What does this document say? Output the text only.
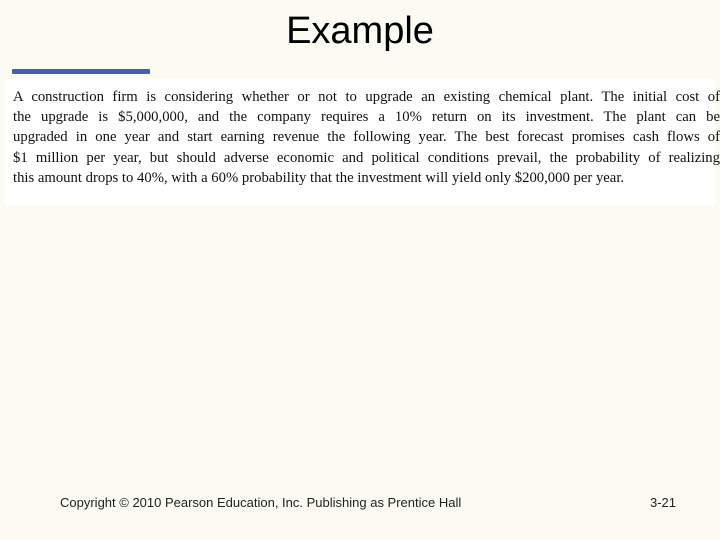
Example
A construction firm is considering whether or not to upgrade an existing chemical plant. The initial cost of
the upgrade is $5,000,000, and the company requires a 10% return on its investment. The plant can be
upgraded in one year and start earning revenue the following year. The best forecast promises cash flows of
$1 million per year, but should adverse economic and political conditions prevail, the probability of realizing
this amount drops to 40%, with a 60% probability that the investment will yield only $200,000 per year.
Copyright © 2010 Pearson Education, Inc. Publishing as Prentice Hall	3-21
